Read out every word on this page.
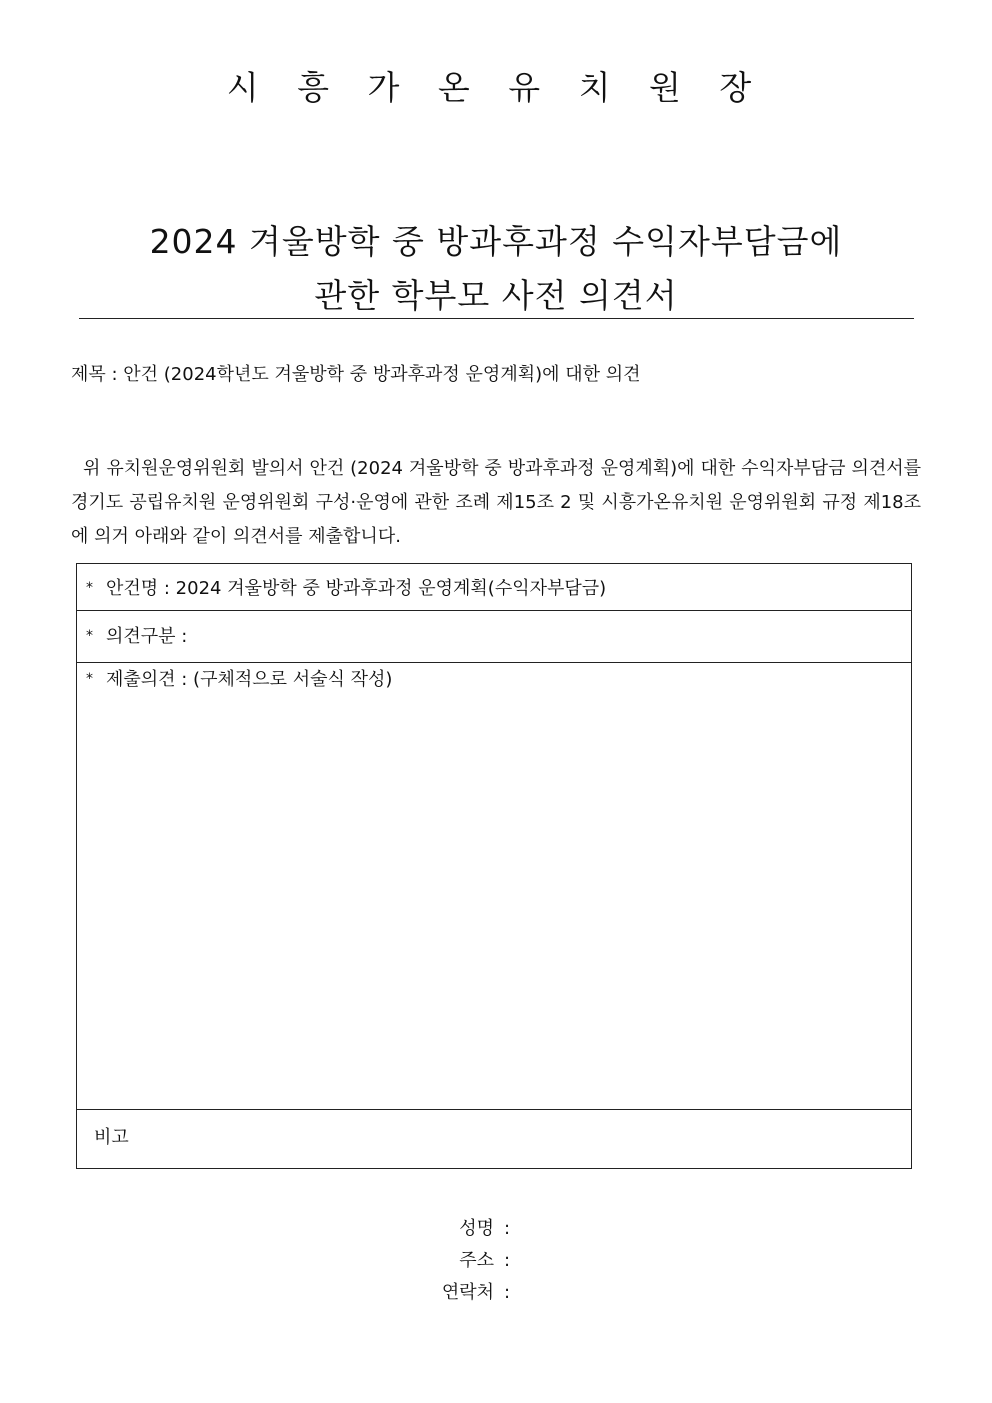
시 흥 가 온 유 치 원 장
2024 겨울방학 중 방과후과정 수익자부담금에
관한 학부모 사전 의견서
제목 : 안건 (2024학년도 겨울방학 중 방과후과정 운영계획)에 대한 의견

위 유치원운영위원회 발의서 안건 (2024 겨울방학 중 방과후과정 운영계획)에 대한 수익자부담금 의견서를 경기도 공립유치원 운영위원회 구성·운영에 관한 조례 제15조 2 및 시흥가온유치원 운영위원회 규정 제18조에 의거 아래와 같이 의견서를 제출합니다.

* 안건명 : 2024 겨울방학 중 방과후과정 운영계획(수익자부담금)
* 의견구분 :
* 제출의견 : (구체적으로 서술식 작성)
비고
성명 :
주소 :
연락처 :
